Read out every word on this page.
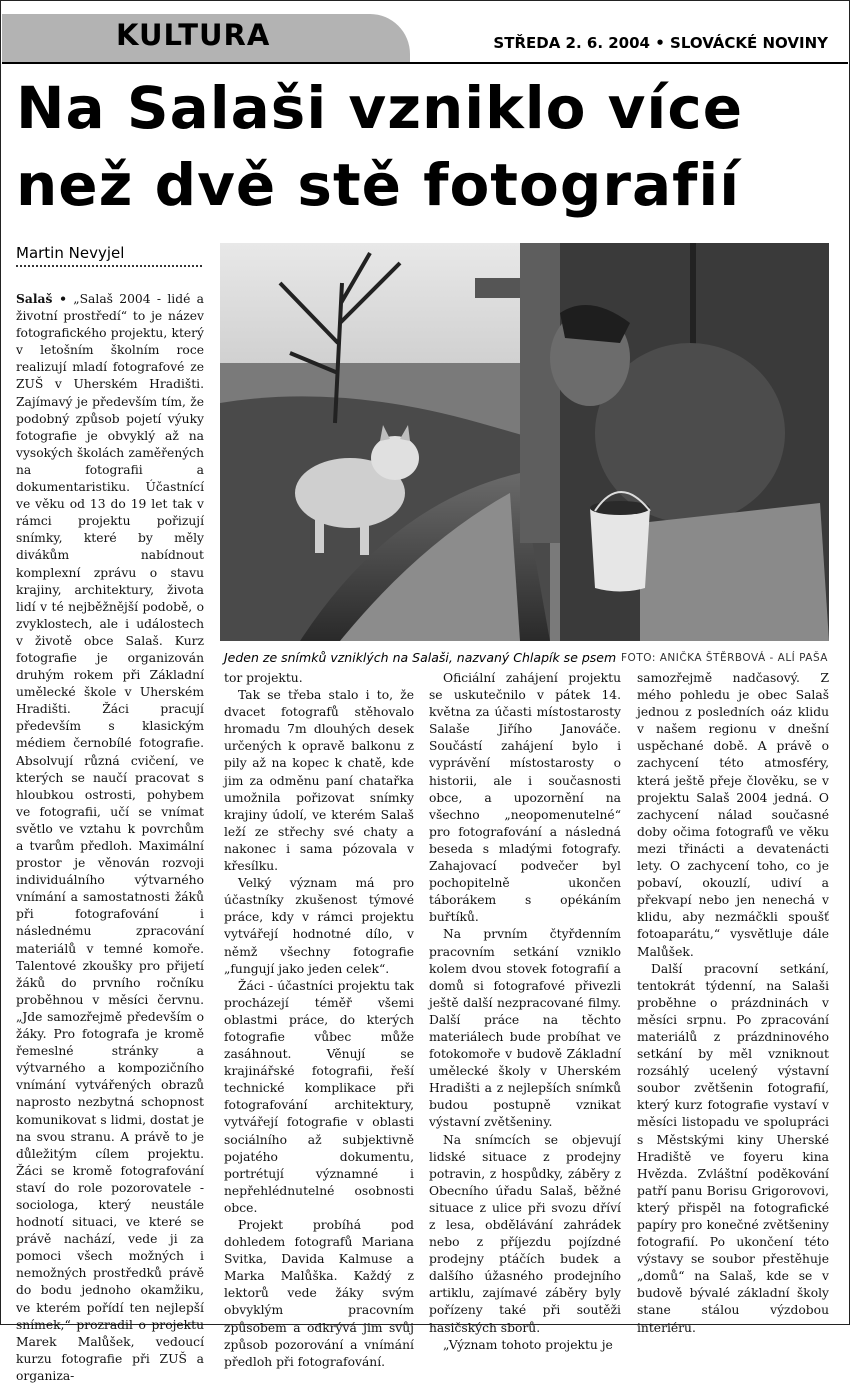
KULTURA	STŘEDA 2. 6. 2004 • SLOVÁCKÉ NOVINY
Na Salaši vzniklo více než dvě stě fotografií
Martin Nevyjel
Jeden ze snímků vzniklých na Salaši, nazvaný Chlapík se psem FOTO: ANIČKA ŠTĚRBOVÁ - ALÍ PAŠA

Salaš • „Salaš 2004 - lidé a životní prostředí“ to je název fotografického projektu, který v letošním školním roce realizují mladí fotografové ze ZUŠ v Uherském Hradišti. Zajímavý je především tím, že podobný způsob pojetí výuky fotografie je obvyklý až na vysokých školách zaměřených na fotografii a dokumentaristiku. Účastnící ve věku od 13 do 19 let tak v rámci projektu pořizují snímky, které by měly divákům nabídnout komplexní zprávu o stavu krajiny, architektury, života lidí v té nejběžnější podobě, o zvyklostech, ale i událostech v životě obce Salaš. Kurz fotografie je organizován druhým rokem při Základní umělecké škole v Uherském Hradišti. Žáci pracují především s klasickým médiem černobílé fotografie. Absolvují různá cvičení, ve kterých se naučí pracovat s hloubkou ostrosti, pohybem ve fotografii, učí se vnímat světlo ve vztahu k povrchům a tvarům předloh. Maximální prostor je věnován rozvoji individuálního výtvarného vnímání a samostatnosti žáků při fotografování i následnému zpracování materiálů v temné komoře. Talentové zkoušky pro přijetí žáků do prvního ročníku proběhnou v měsíci červnu. „Jde samozřejmě především o žáky. Pro fotografa je kromě řemeslné stránky a výtvarného a kompozičního vnímání vytvářených obrazů naprosto nezbytná schopnost komunikovat s lidmi, dostat je na svou stranu. A právě to je důležitým cílem projektu. Žáci se kromě fotografování staví do role pozorovatele - sociologa, který neustále hodnotí situaci, ve které se právě nachází, vede ji za pomoci všech možných i nemožných prostředků právě do bodu jednoho okamžiku, ve kterém pořídí ten nejlepší snímek,“ prozradil o projektu Marek Malůšek, vedoucí kurzu fotografie při ZUŠ a organiza-

tor projektu.

Tak se třeba stalo i to, že dvacet fotografů stěhovalo hromadu 7m dlouhých desek určených k opravě balkonu z pily až na kopec k chatě, kde jim za odměnu paní chatařka umožnila pořizovat snímky krajiny údolí, ve kterém Salaš leží ze střechy své chaty a nakonec i sama pózovala v křesílku.

Velký význam má pro účastníky zkušenost týmové práce, kdy v rámci projektu vytvářejí hodnotné dílo, v němž všechny fotografie „fungují jako jeden celek“.

Žáci - účastníci projektu tak procházejí téměř všemi oblastmi práce, do kterých fotografie vůbec může zasáhnout. Věnují se krajinářské fotografii, řeší technické komplikace při fotografování architektury, vytvářejí fotografie v oblasti sociálního až subjektivně pojatého dokumentu, portrétují významné i nepřehlédnutelné osobnosti obce.

Projekt probíhá pod dohledem fotografů Mariana Svitka, Davida Kalmuse a Marka Malůška. Každý z lektorů vede žáky svým obvyklým pracovním způsobem a odkrývá jim svůj způsob pozorování a vnímání předloh při fotografování.

Oficiální zahájení projektu se uskutečnilo v pátek 14. května za účasti místostarosty Salaše Jiřího Janováče. Součástí zahájení bylo i vyprávění místostarosty o historii, ale i současnosti obce, a upozornění na všechno „neopomenutelné“ pro fotografování a následná beseda s mladými fotografy. Zahajovací podvečer byl pochopitelně ukončen táborákem s opékáním buřtíků.

Na prvním čtyřdenním pracovním setkání vzniklo kolem dvou stovek fotografií a domů si fotografové přivezli ještě další nezpracované filmy. Další práce na těchto materiálech bude probíhat ve fotokomoře v budově Základní umělecké školy v Uherském Hradišti a z nejlepších snímků budou postupně vznikat výstavní zvětšeniny.

Na snímcích se objevují lidské situace z prodejny potravin, z hospůdky, záběry z Obecního úřadu Salaš, běžné situace z ulice při svozu dříví z lesa, obdělávání zahrádek nebo z příjezdu pojízdné prodejny ptáčích budek a dalšího úžasného prodejního artiklu, zajímavé záběry byly pořízeny také při soutěži hasičských sborů.

„Význam tohoto projektu je

samozřejmě nadčasový. Z mého pohledu je obec Salaš jednou z posledních oáz klidu v našem regionu v dnešní uspěchané době. A právě o zachycení této atmosféry, která ještě přeje člověku, se v projektu Salaš 2004 jedná. O zachycení nálad současné doby očima fotografů ve věku mezi třinácti a devatenácti lety. O zachycení toho, co je pobaví, okouzlí, udiví a překvapí nebo jen nenechá v klidu, aby nezmáčkli spoušť fotoaparátu,“ vysvětluje dále Malůšek.

Další pracovní setkání, tentokrát týdenní, na Salaši proběhne o prázdninách v měsíci srpnu. Po zpracování materiálů z prázdninového setkání by měl vzniknout rozsáhlý ucelený výstavní soubor zvětšenin fotografií, který kurz fotografie vystaví v měsíci listopadu ve spolupráci s Městskými kiny Uherské Hradiště ve foyeru kina Hvězda. Zvláštní poděkování patří panu Borisu Grigorovovi, který přispěl na fotografické papíry pro konečné zvětšeniny fotografií. Po ukončení této výstavy se soubor přestěhuje „domů“ na Salaš, kde se v budově bývalé základní školy stane stálou výzdobou interiéru.
